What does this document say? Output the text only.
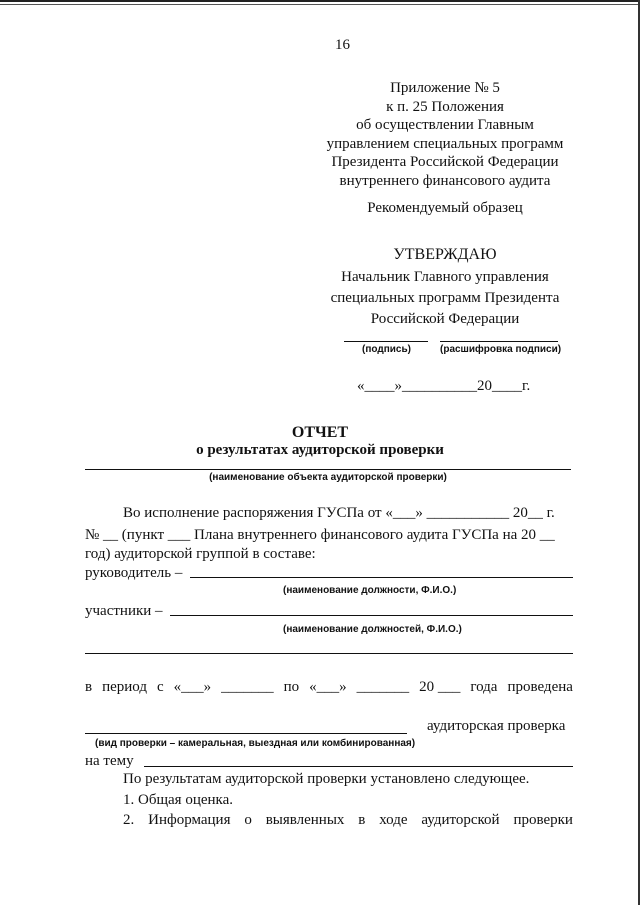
16
Приложение № 5
к п. 25 Положения
об осуществлении Главным
управлением специальных программ
Президента Российской Федерации
внутреннего финансового аудита
Рекомендуемый образец
УТВЕРЖДАЮ
Начальник Главного управления
специальных программ Президента
Российской Федерации
(подпись)	(расшифровка подписи)
«____»__________20____г.
ОТЧЕТ
о результатах аудиторской проверки
(наименование объекта аудиторской проверки)
Во исполнение распоряжения ГУСПа от «___» ___________ 20__ г.
№ __ (пункт ___ Плана внутреннего финансового аудита ГУСПа на 20 __
год) аудиторской группой в составе:
руководитель –
(наименование должности, Ф.И.О.)
участники –
(наименование должностей, Ф.И.О.)
в период с «___» _______ по «___» _______ 20 ___ года проведена
аудиторская проверка
(вид проверки – камеральная, выездная или комбинированная)
на тему
По результатам аудиторской проверки установлено следующее.
1. Общая оценка.
2. Информация о выявленных в ходе аудиторской проверки
